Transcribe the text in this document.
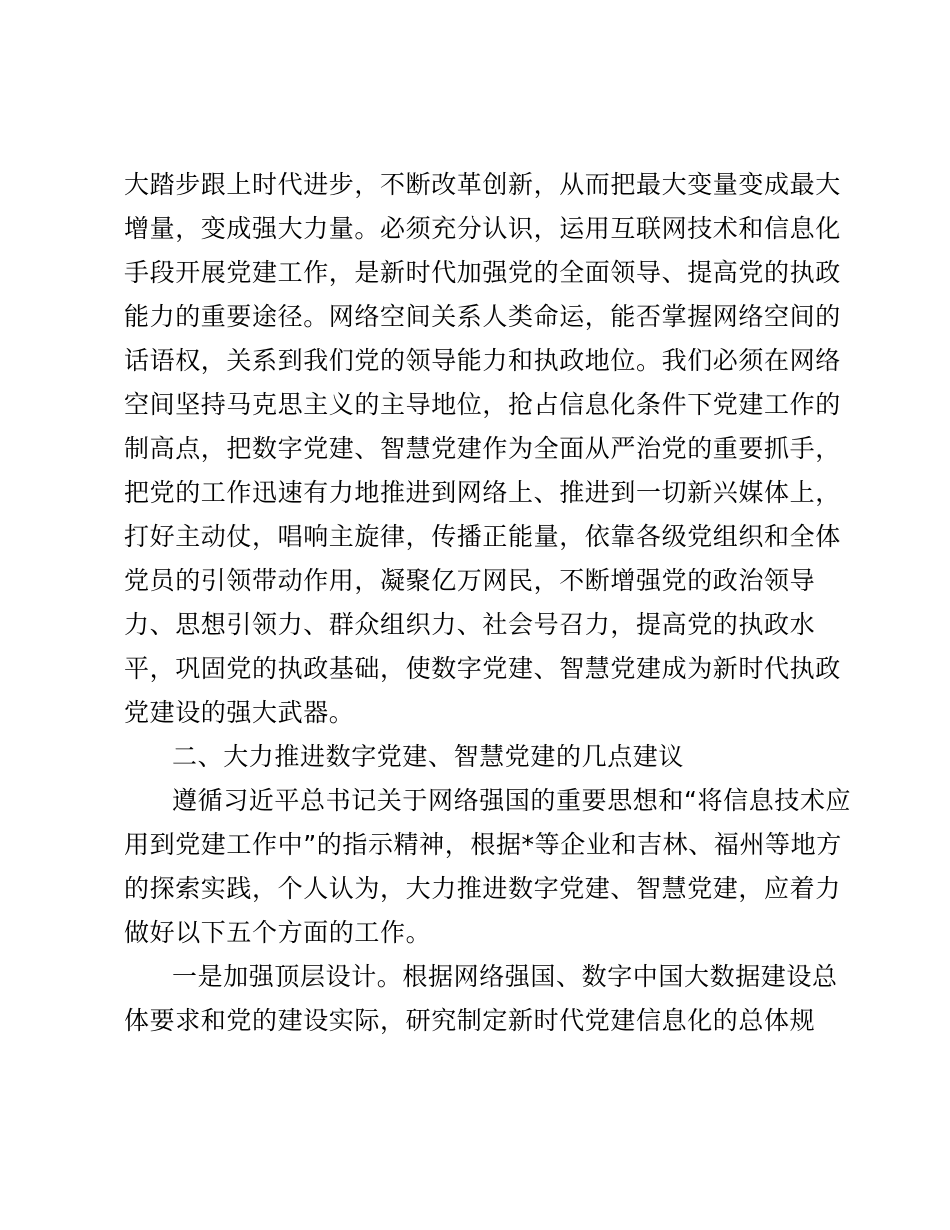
大踏步跟上时代进步，不断改革创新，从而把最大变量变成最大
增量，变成强大力量。必须充分认识，运用互联网技术和信息化
手段开展党建工作，是新时代加强党的全面领导、提高党的执政
能力的重要途径。网络空间关系人类命运，能否掌握网络空间的
话语权，关系到我们党的领导能力和执政地位。我们必须在网络
空间坚持马克思主义的主导地位，抢占信息化条件下党建工作的
制高点，把数字党建、智慧党建作为全面从严治党的重要抓手，
把党的工作迅速有力地推进到网络上、推进到一切新兴媒体上，
打好主动仗，唱响主旋律，传播正能量，依靠各级党组织和全体
党员的引领带动作用，凝聚亿万网民，不断增强党的政治领导
力、思想引领力、群众组织力、社会号召力，提高党的执政水
平，巩固党的执政基础，使数字党建、智慧党建成为新时代执政
党建设的强大武器。
二、大力推进数字党建、智慧党建的几点建议
遵循习近平总书记关于网络强国的重要思想和“将信息技术应
用到党建工作中”的指示精神，根据*等企业和吉林、福州等地方
的探索实践，个人认为，大力推进数字党建、智慧党建，应着力
做好以下五个方面的工作。
一是加强顶层设计。根据网络强国、数字中国大数据建设总
体要求和党的建设实际，研究制定新时代党建信息化的总体规
